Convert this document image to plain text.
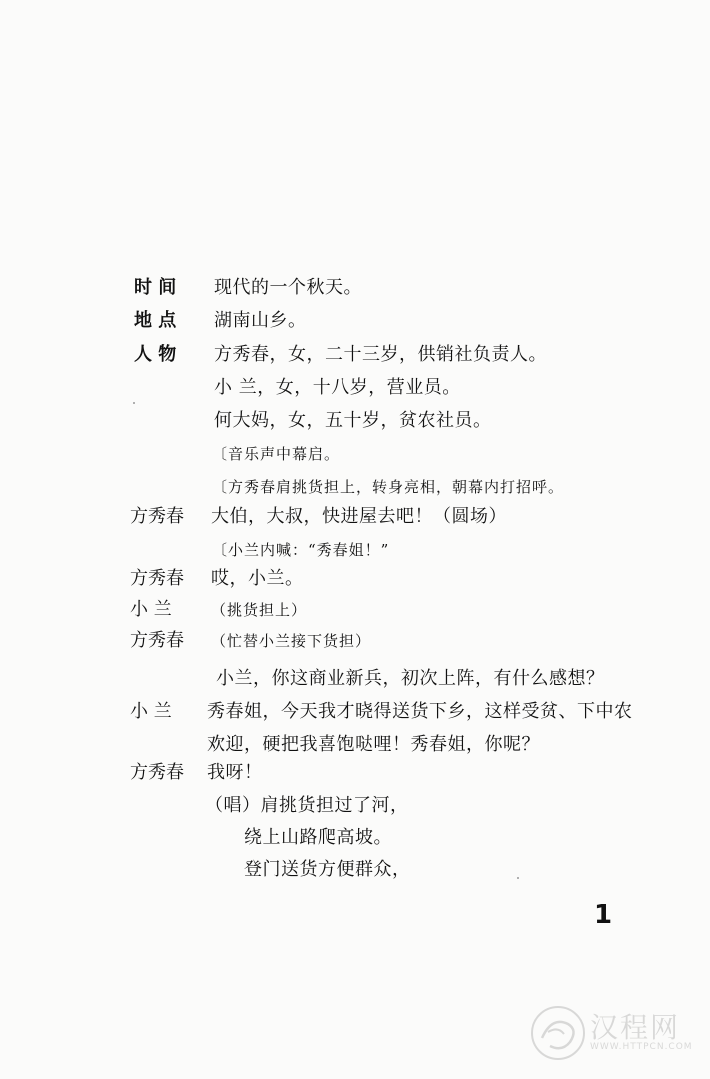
时 间 现代的一个秋天。
地 点 湖南山乡。
人 物 方秀春，女，二十三岁，供销社负责人。
小 兰，女，十八岁，营业员。
何大妈，女，五十岁，贫农社员。
〔音乐声中幕启。
〔方秀春肩挑货担上，转身亮相，朝幕内打招呼。
方秀春 大伯，大叔，快进屋去吧！（圆场）
〔小兰内喊：“秀春姐！”
方秀春 哎，小兰。
小 兰	（挑货担上）
方秀春 （忙替小兰接下货担）
小兰，你这商业新兵，初次上阵，有什么感想？
小 兰 秀春姐，今天我才晓得送货下乡，这样受贫、下中农
欢迎，硬把我喜饱哒哩！秀春姐，你呢？
方秀春 我呀！
（唱）肩挑货担过了河，
绕上山路爬高坡。
登门送货方便群众，
1
汉程网
WWW.HTTPCN.COM
